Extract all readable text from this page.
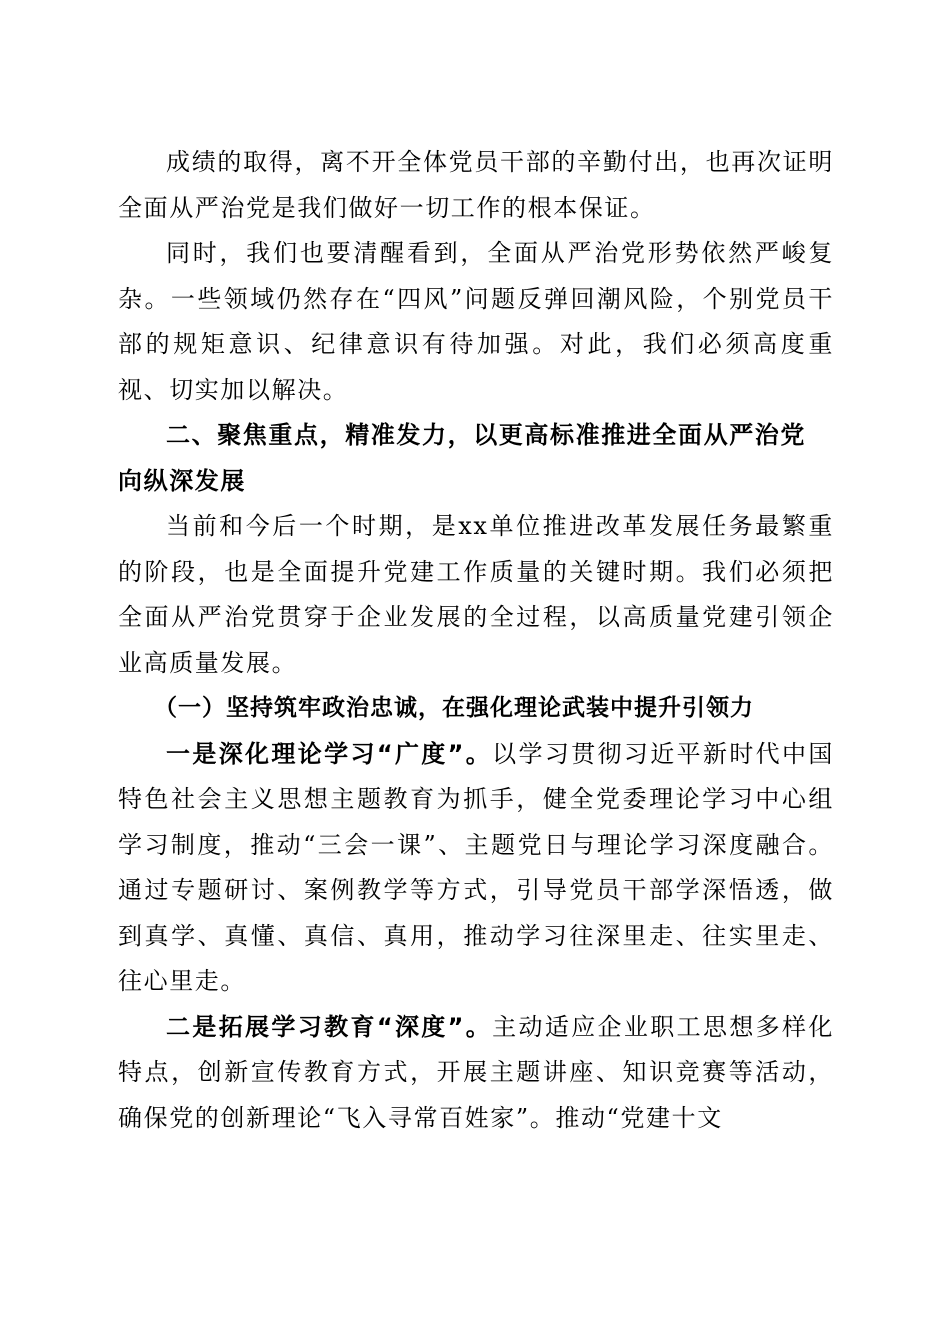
成绩的取得，离不开全体党员干部的辛勤付出，也再次证明全面从严治党是我们做好一切工作的根本保证。

同时，我们也要清醒看到，全面从严治党形势依然严峻复杂。一些领域仍然存在“四风”问题反弹回潮风险，个别党员干部的规矩意识、纪律意识有待加强。对此，我们必须高度重视、切实加以解决。

二、聚焦重点，精准发力，以更高标准推进全面从严治党
向纵深发展

当前和今后一个时期，是xx单位推进改革发展任务最繁重的阶段，也是全面提升党建工作质量的关键时期。我们必须把全面从严治党贯穿于企业发展的全过程，以高质量党建引领企业高质量发展。

（一）坚持筑牢政治忠诚，在强化理论武装中提升引领力

一是深化理论学习“广度”。以学习贯彻习近平新时代中国特色社会主义思想主题教育为抓手，健全党委理论学习中心组学习制度，推动“三会一课”、主题党日与理论学习深度融合。通过专题研讨、案例教学等方式，引导党员干部学深悟透，做到真学、真懂、真信、真用，推动学习往深里走、往实里走、往心里走。

二是拓展学习教育“深度”。主动适应企业职工思想多样化特点，创新宣传教育方式，开展主题讲座、知识竞赛等活动，确保党的创新理论“飞入寻常百姓家”。推动“党建十文
